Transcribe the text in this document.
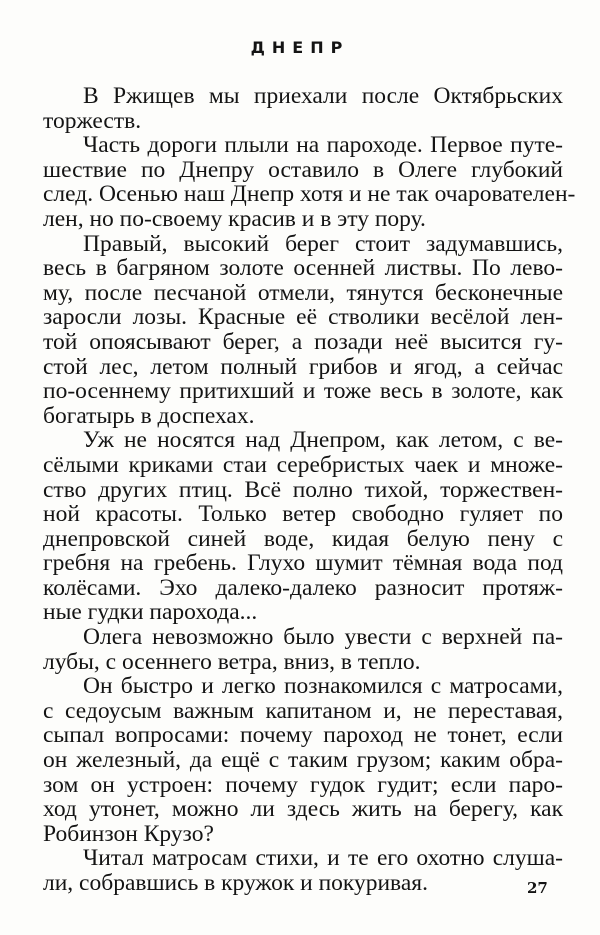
ДНЕПР
В Ржищев мы приехали после Октябрьских
торжеств.
Часть дороги плыли на пароходе. Первое путе-
шествие по Днепру оставило в Олеге глубокий
след. Осенью наш Днепр хотя и не так очарователен-
лен, но по-своему красив и в эту пору.
Правый, высокий берег стоит задумавшись,
весь в багряном золоте осенней листвы. По лево-
му, после песчаной отмели, тянутся бесконечные
заросли лозы. Красные её стволики весёлой лен-
той опоясывают берег, а позади неё высится гу-
стой лес, летом полный грибов и ягод, а сейчас
по-осеннему притихший и тоже весь в золоте, как
богатырь в доспехах.
Уж не носятся над Днепром, как летом, с ве-
сёлыми криками стаи серебристых чаек и множе-
ство других птиц. Всё полно тихой, торжествен-
ной красоты. Только ветер свободно гуляет по
днепровской синей воде, кидая белую пену с
гребня на гребень. Глухо шумит тёмная вода под
колёсами. Эхо далеко-далеко разносит протяж-
ные гудки парохода...
Олега невозможно было увести с верхней па-
лубы, с осеннего ветра, вниз, в тепло.
Он быстро и легко познакомился с матросами,
с седоусым важным капитаном и, не переставая,
сыпал вопросами: почему пароход не тонет, если
он железный, да ещё с таким грузом; каким обра-
зом он устроен: почему гудок гудит; если паро-
ход утонет, можно ли здесь жить на берегу, как
Робинзон Крузо?
Читал матросам стихи, и те его охотно слуша-
ли, собравшись в кружок и покуривая.	27
